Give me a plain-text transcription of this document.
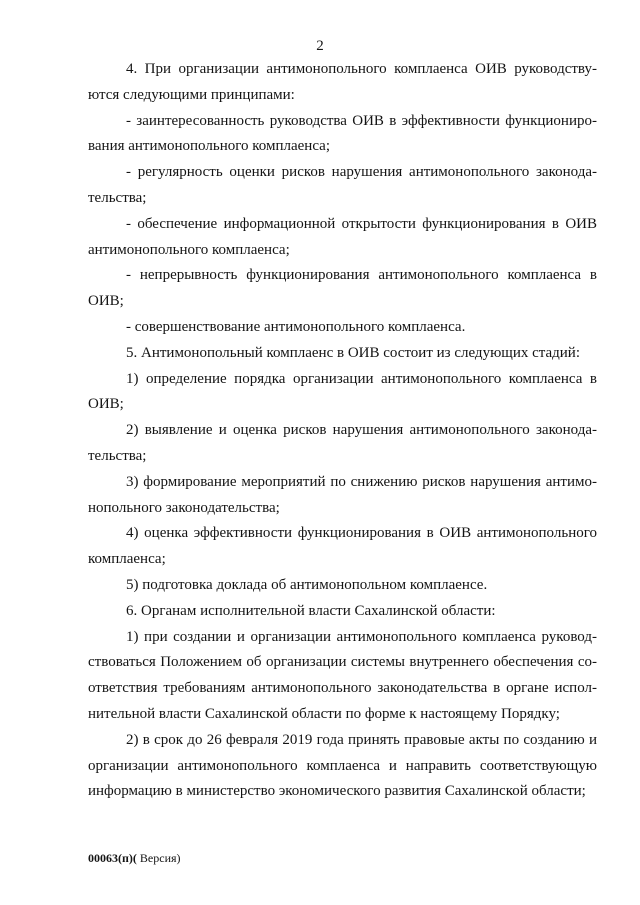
2

4. При организации антимонопольного комплаенса ОИВ руководствуются следующими принципами:

- заинтересованность руководства ОИВ в эффективности функционирования антимонопольного комплаенса;

- регулярность оценки рисков нарушения антимонопольного законодательства;

- обеспечение информационной открытости функционирования в ОИВ антимонопольного комплаенса;

- непрерывность функционирования антимонопольного комплаенса в ОИВ;

- совершенствование антимонопольного комплаенса.

5. Антимонопольный комплаенс в ОИВ состоит из следующих стадий:

1) определение порядка организации антимонопольного комплаенса в ОИВ;

2) выявление и оценка рисков нарушения антимонопольного законодательства;

3) формирование мероприятий по снижению рисков нарушения антимонопольного законодательства;

4) оценка эффективности функционирования в ОИВ антимонопольного комплаенса;

5) подготовка доклада об антимонопольном комплаенсе.

6. Органам исполнительной власти Сахалинской области:

1) при создании и организации антимонопольного комплаенса руководствоваться Положением об организации системы внутреннего обеспечения соответствия требованиям антимонопольного законодательства в органе исполнительной власти Сахалинской области по форме к настоящему Порядку;

2) в срок до 26 февраля 2019 года принять правовые акты по созданию и организации антимонопольного комплаенса и направить соответствующую информацию в министерство экономического развития Сахалинской области;

00063(п)( Версия)
